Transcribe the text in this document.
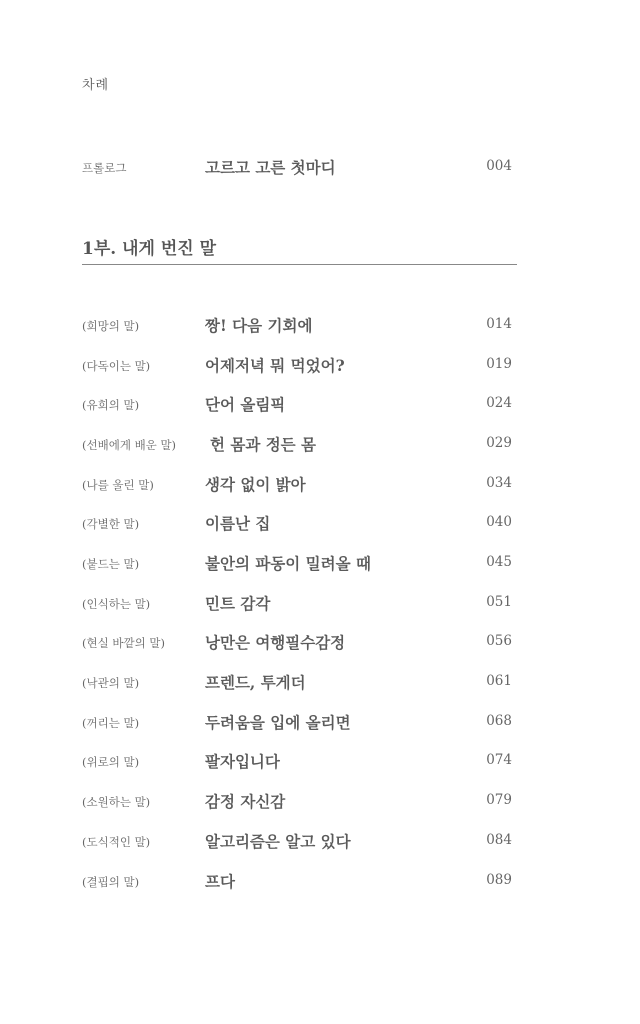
차례
프롤로그	고르고 고른 첫마디	004
1부. 내게 번진 말
(희망의 말)	짱! 다음 기회에	014
(다독이는 말)	어제저녁 뭐 먹었어?	019
(유희의 말)	단어 올림픽	024
(선배에게 배운 말) 헌 몸과 정든 몸	029
(나를 울린 말)	생각 없이 밝아	034
(각별한 말)	이름난 집	040
(붙드는 말)	불안의 파동이 밀려올 때	045
(인식하는 말)	민트 감각	051
(현실 바깥의 말)	낭만은 여행필수감정	056
(낙관의 말)	프렌드, 투게더	061
(꺼리는 말)	두려움을 입에 올리면	068
(위로의 말)	팔자입니다	074
(소원하는 말)	감정 자신감	079
(도식적인 말)	알고리즘은 알고 있다	084
(결핍의 말)	프다	089
